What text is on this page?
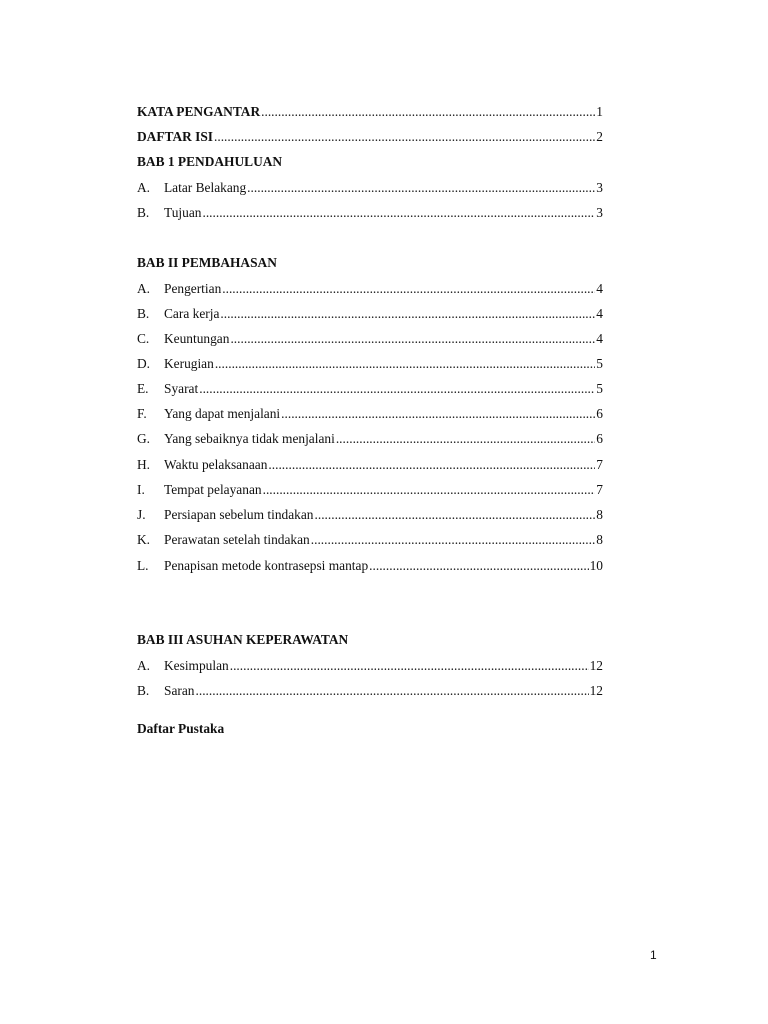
KATA PENGANTAR .....	1
DAFTAR ISI .....	2
BAB 1 PENDAHULUAN
A.	Latar Belakang .....	3
B.	Tujuan .....	3
BAB II PEMBAHASAN
A.	Pengertian .....	4
B.	Cara kerja .....	4
C.	Keuntungan .....	4
D.	Kerugian .....	5
E.	Syarat .....	5
F.	Yang dapat menjalani .....	6
G.	Yang sebaiknya tidak menjalani .....	6
H.	Waktu pelaksanaan .....	7
I.	Tempat pelayanan .....	7
J.	Persiapan sebelum tindakan .....	8
K.	Perawatan setelah tindakan .....	8
L.	Penapisan metode kontrasepsi mantap .....	10
BAB III ASUHAN KEPERAWATAN
A.	Kesimpulan .....	12
B.	Saran .....	12
Daftar Pustaka
1
